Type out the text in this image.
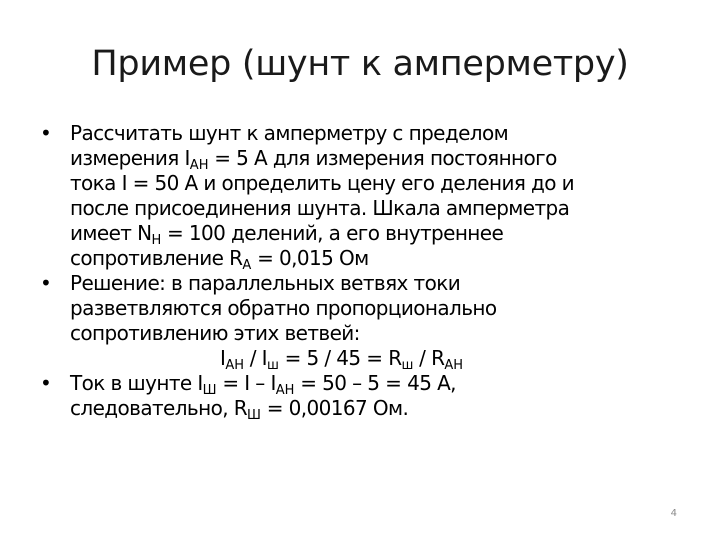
Пример (шунт к амперметру)
• Рассчитать шунт к амперметру с пределом
измерения $I_{АН} = 5$ А для измерения постоянного
тока I = 50 А и определить цену его деления до и
после присоединения шунта. Шкала амперметра
имеет $N_Н = 100$ делений, а его внутреннее
сопротивление $R_А = 0,015$ Ом
• Решение: в параллельных ветвях токи
разветвляются обратно пропорционально
сопротивлению этих ветвей:
$I_{АН} / I_ш = 5 / 45 = R_ш / R_{АН}$
• Ток в шунте $I_Ш = I - I_{АН} = 50 - 5 = 45$ А,
следовательно, $R_Ш = 0,00167$ Ом.
4
